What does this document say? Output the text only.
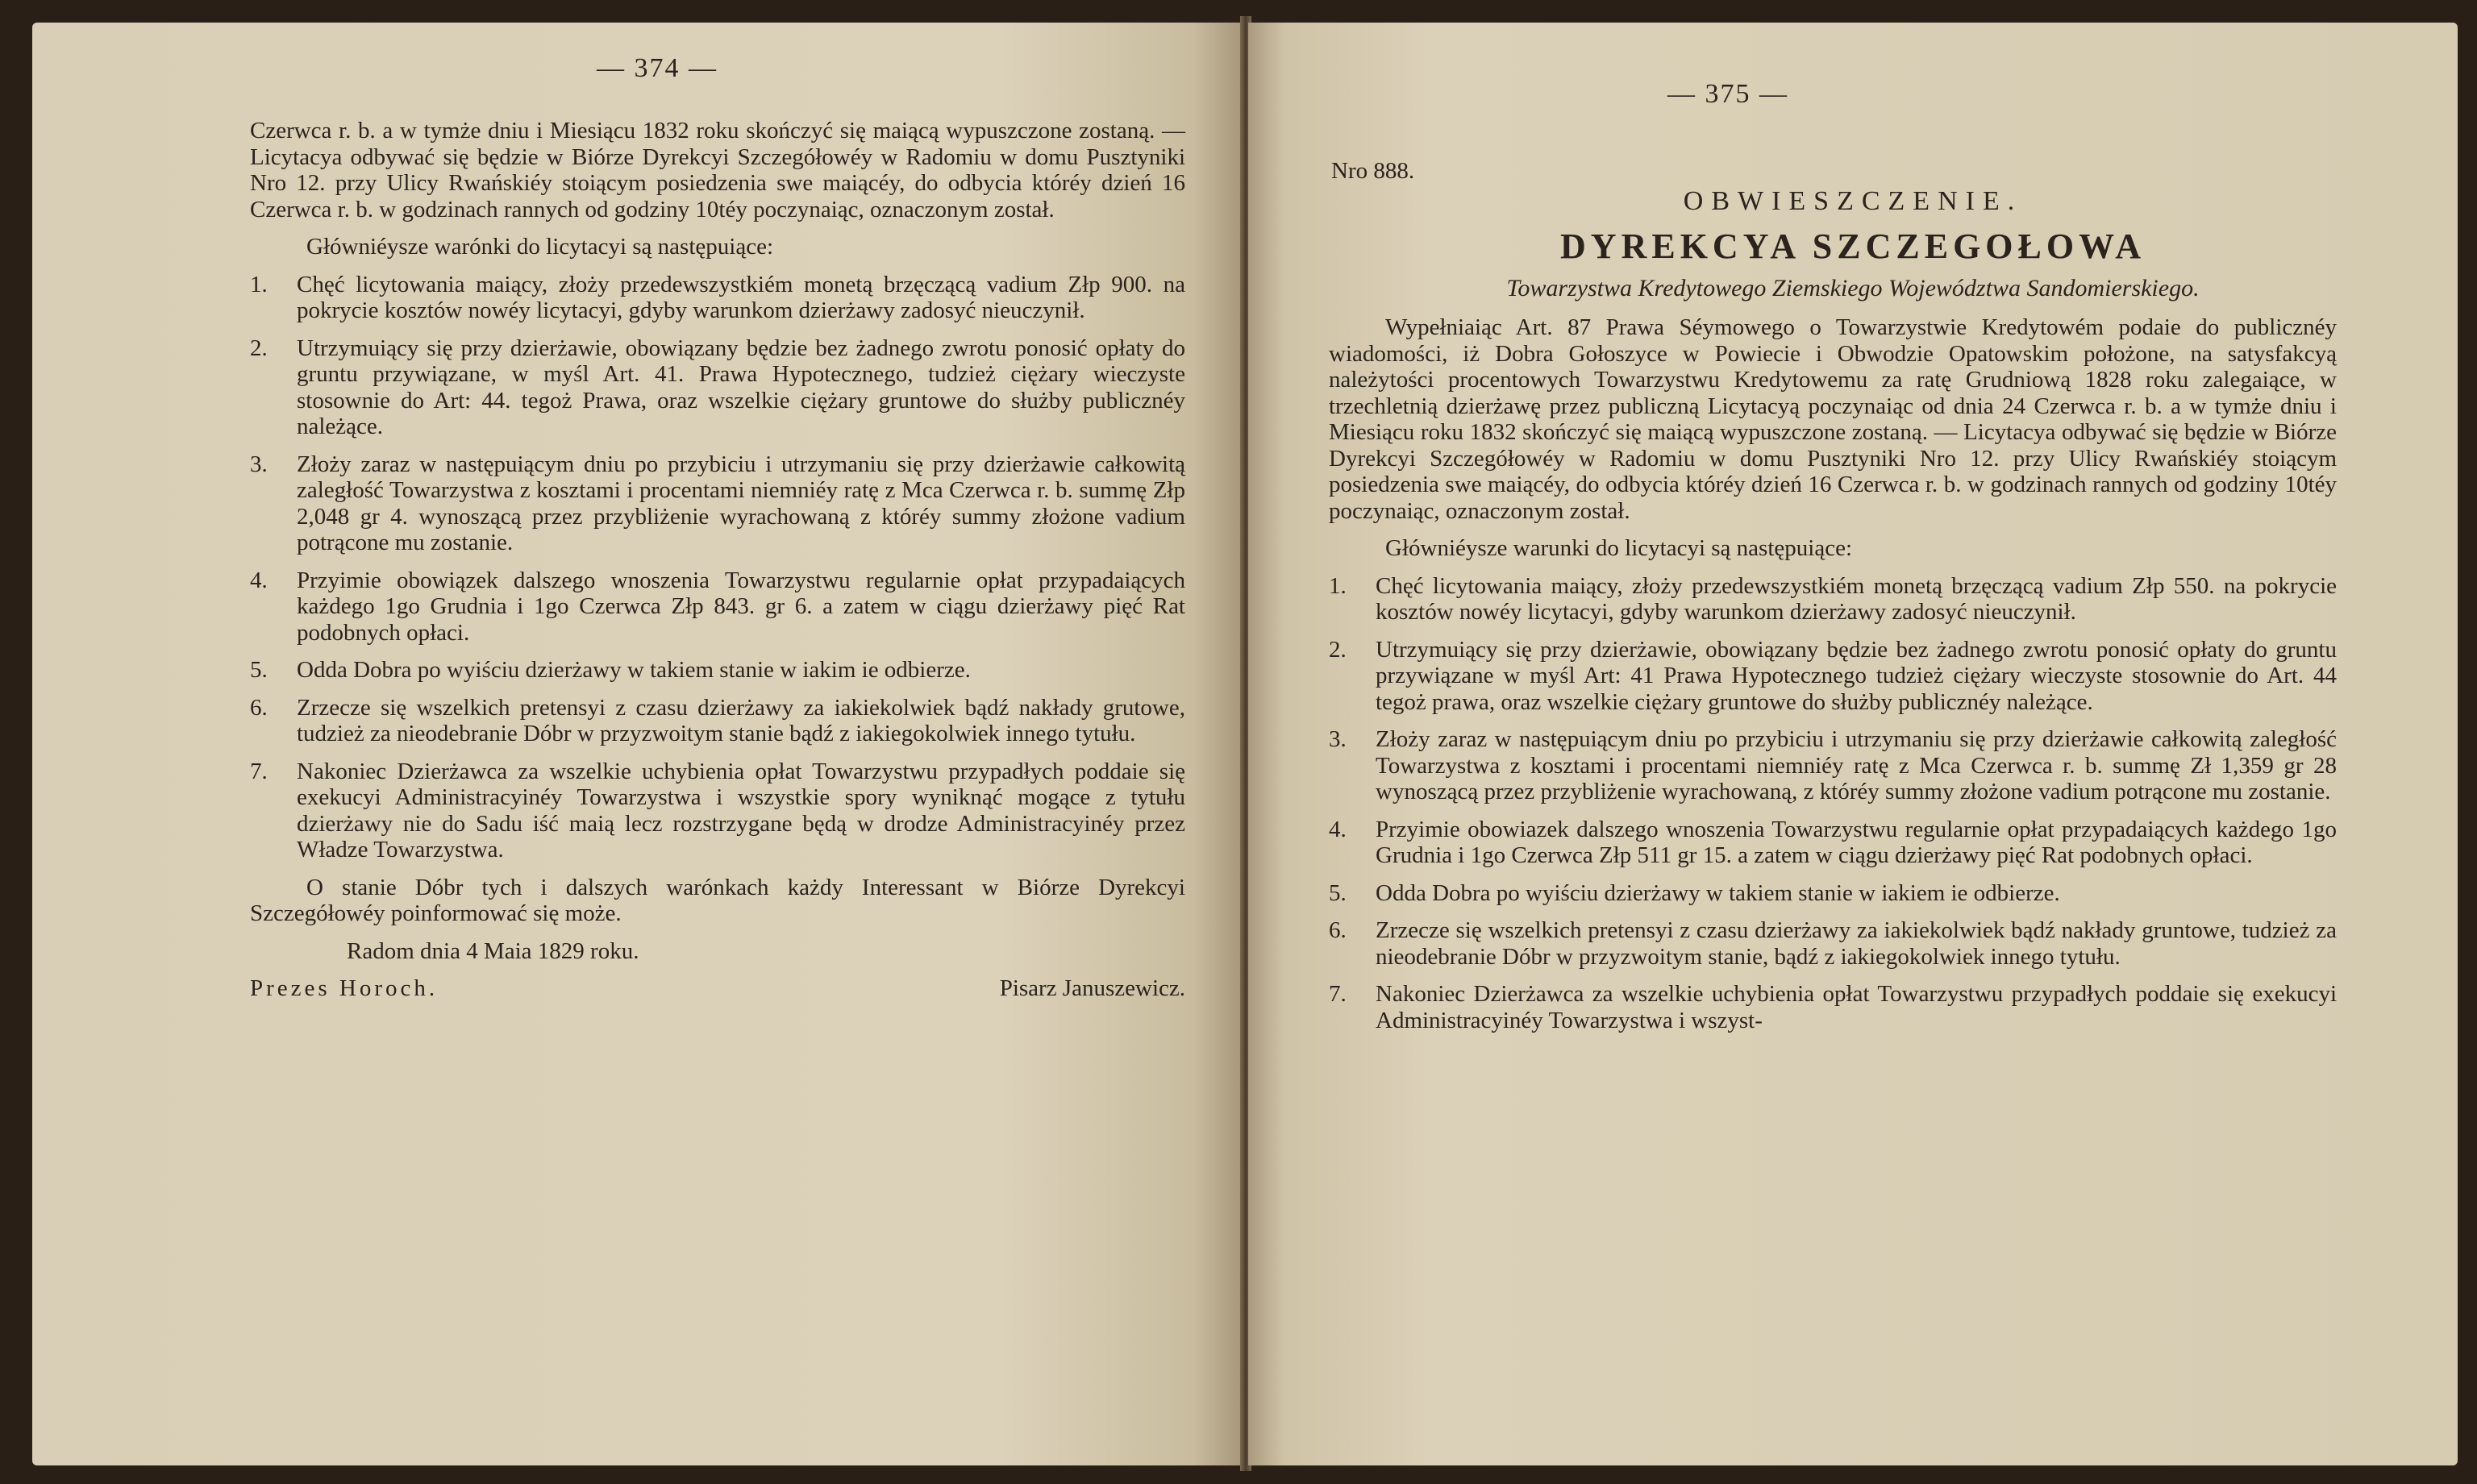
— 374 —

Czerwca r. b. a w tymże dniu i Miesiącu 1832 roku skończyć się maiącą wypuszczone zostaną. — Licytacya odbywać się będzie w Biórze Dyrekcyi Szczegółowéy w Radomiu w domu Pusztyniki Nro 12. przy Ulicy Rwańskiéy stoiącym posiedzenia swe maiącéy, do odbycia któréy dzień 16 Czerwca r. b. w godzinach rannych od godziny 10téy poczynaiąc, oznaczonym został.

Główniéysze warónki do licytacyi są następuiące:

1.	Chęć licytowania maiący, złoży przedewszystkiém monetą brzęczącą vadium Złp 900. na pokrycie kosztów nowéy licytacyi, gdyby warunkom dzierżawy zadosyć nieuczynił.
2.	Utrzymuiący się przy dzierżawie, obowiązany będzie bez żadnego zwrotu ponosić opłaty do gruntu przywiązane, w myśl Art. 41. Prawa Hypotecznego, tudzież ciężary wieczyste stosownie do Art: 44. tegoż Prawa, oraz wszelkie ciężary gruntowe do służby publicznéy należące.
3.	Złoży zaraz w następuiącym dniu po przybiciu i utrzymaniu się przy dzierżawie całkowitą zaległość Towarzystwa z kosztami i procentami niemniéy ratę z Mca Czerwca r. b. summę Złp 2,048 gr 4. wynoszącą przez przybliżenie wyrachowaną z któréy summy złożone vadium potrącone mu zostanie.
4.	Przyimie obowiązek dalszego wnoszenia Towarzystwu regularnie opłat przypadaiących każdego 1go Grudnia i 1go Czerwca Złp 843. gr 6. a zatem w ciągu dzierżawy pięć Rat podobnych opłaci.
5.	Odda Dobra po wyiściu dzierżawy w takiem stanie w iakim ie odbierze.
6.	Zrzecze się wszelkich pretensyi z czasu dzierżawy za iakiekolwiek bądź nakłady grutowe, tudzież za nieodebranie Dóbr w przyzwoitym stanie bądź z iakiegokolwiek innego tytułu.
7.	Nakoniec Dzierżawca za wszelkie uchybienia opłat Towarzystwu przypadłych poddaie się exekucyi Administracyinéy Towarzystwa i wszystkie spory wyniknąć mogące z tytułu dzierżawy nie do Sadu iść maią lecz rozstrzygane będą w drodze Administracyinéy przez Władze Towarzystwa.

O stanie Dóbr tych i dalszych warónkach każdy Interessant w Biórze Dyrekcyi Szczegółowéy poinformować się może.

Radom dnia 4 Maia 1829 roku.

Prezes Horoch.	Pisarz Januszewicz.
— 375 —
Nro 888.
OBWIESZCZENIE.
DYREKCYA SZCZEGOŁOWA
Towarzystwa Kredytowego Ziemskiego Województwa Sandomierskiego.

Wypełniaiąc Art. 87 Prawa Séymowego o Towarzystwie Kredytowém podaie do publicznéy wiadomości, iż Dobra Gołoszyce w Powiecie i Obwodzie Opatowskim położone, na satysfakcyą należytości procentowych Towarzystwu Kredytowemu za ratę Grudniową 1828 roku zalegaiące, w trzechletnią dzierżawę przez publiczną Licytacyą poczynaiąc od dnia 24 Czerwca r. b. a w tymże dniu i Miesiącu roku 1832 skończyć się maiącą wypuszczone zostaną. — Licytacya odbywać się będzie w Biórze Dyrekcyi Szczegółowéy w Radomiu w domu Pusztyniki Nro 12. przy Ulicy Rwańskiéy stoiącym posiedzenia swe maiącéy, do odbycia któréy dzień 16 Czerwca r. b. w godzinach rannych od godziny 10téy poczynaiąc, oznaczonym został.

Główniéysze warunki do licytacyi są następuiące:

1.	Chęć licytowania maiący, złoży przedewszystkiém monetą brzęczącą vadium Złp 550. na pokrycie kosztów nowéy licytacyi, gdyby warunkom dzierżawy zadosyć nieuczynił.
2.	Utrzymuiący się przy dzierżawie, obowiązany będzie bez żadnego zwrotu ponosić opłaty do gruntu przywiązane w myśl Art: 41 Prawa Hypotecznego tudzież ciężary wieczyste stosownie do Art. 44 tegoż prawa, oraz wszelkie ciężary gruntowe do służby publicznéy należące.
3.	Złoży zaraz w następuiącym dniu po przybiciu i utrzymaniu się przy dzierżawie całkowitą zaległość Towarzystwa z kosztami i procentami niemniéy ratę z Mca Czerwca r. b. summę Zł 1,359 gr 28 wynoszącą przez przybliżenie wyrachowaną, z któréy summy złożone vadium potrącone mu zostanie.
4.	Przyimie obowiazek dalszego wnoszenia Towarzystwu regularnie opłat przypadaiących każdego 1go Grudnia i 1go Czerwca Złp 511 gr 15. a zatem w ciągu dzierżawy pięć Rat podobnych opłaci.
5.	Odda Dobra po wyiściu dzierżawy w takiem stanie w iakiem ie odbierze.
6.	Zrzecze się wszelkich pretensyi z czasu dzierżawy za iakiekolwiek bądź nakłady gruntowe, tudzież za nieodebranie Dóbr w przyzwoitym stanie, bądź z iakiegokolwiek innego tytułu.
7.	Nakoniec Dzierżawca za wszelkie uchybienia opłat Towarzystwu przypadłych poddaie się exekucyi Administracyinéy Towarzystwa i wszyst-
